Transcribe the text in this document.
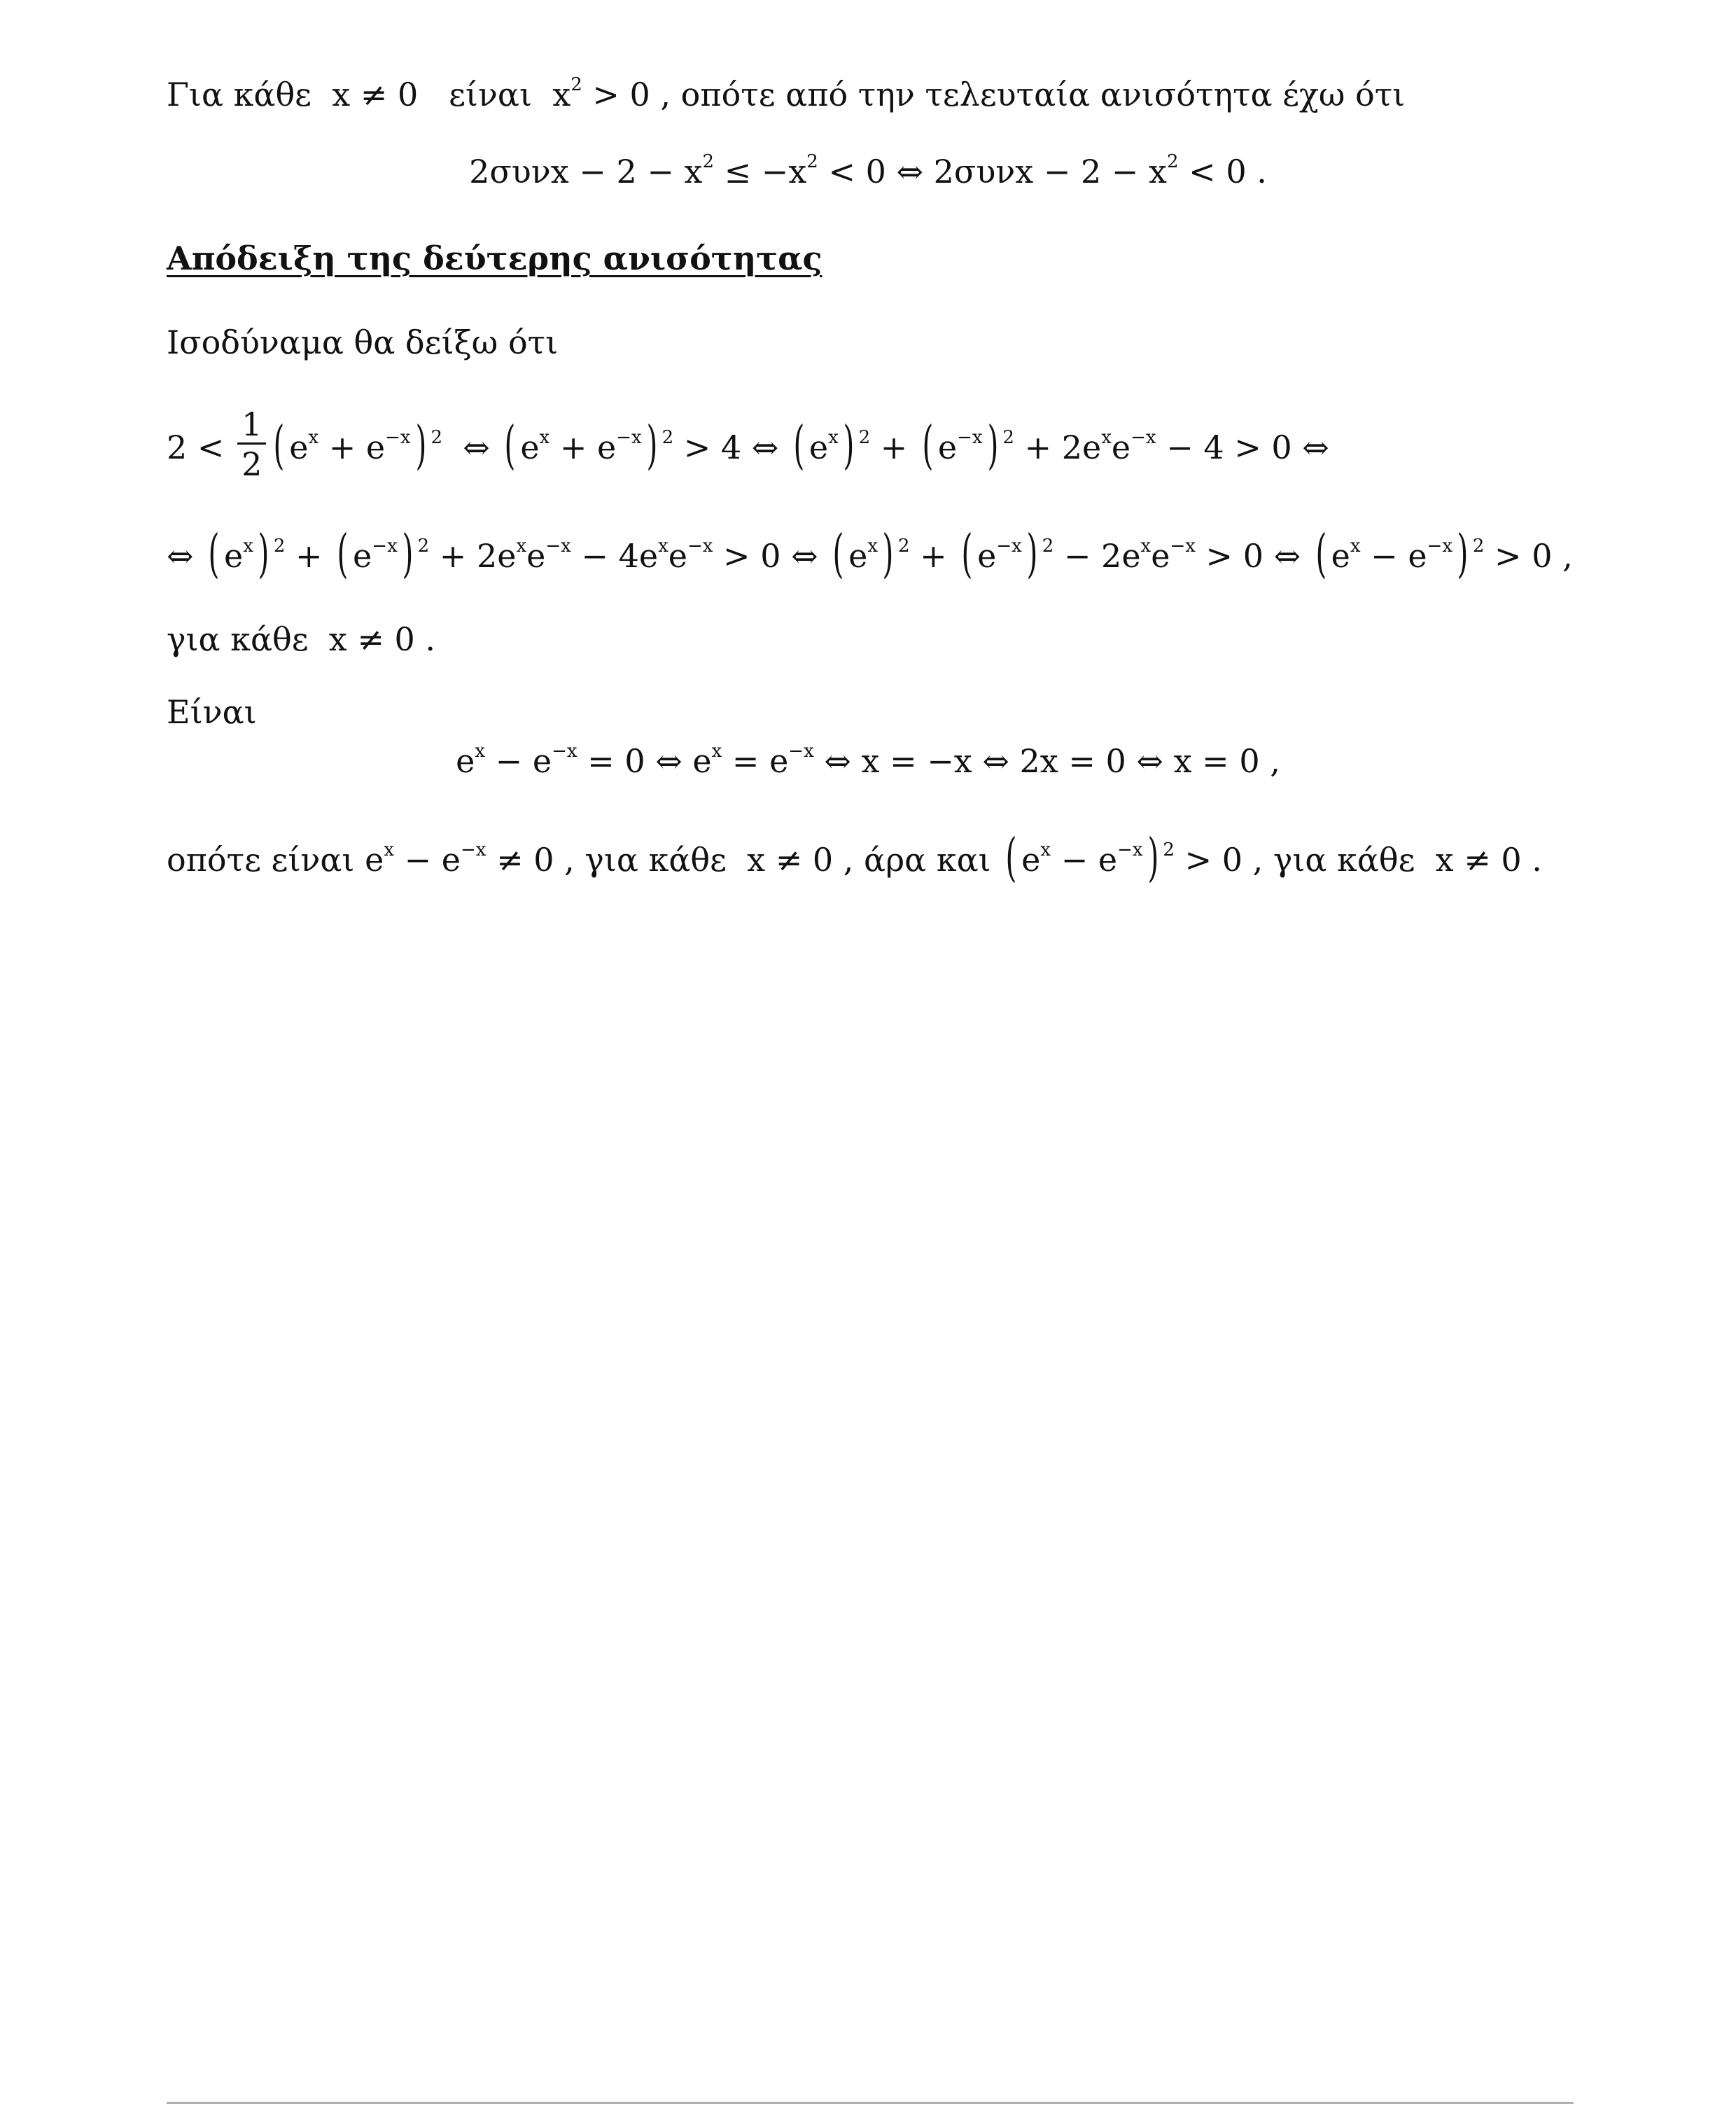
Για κάθε  x ≠ 0   είναι  $x^2 > 0$ , οπότε από την τελευταία ανισότητα έχω ότι
$2\sigma\upsilon\nu x - 2 - x^2 \le -x^2 < 0$ ⇔ $2\sigma\upsilon\nu x - 2 - x^2 < 0$ .
Απόδειξη της δεύτερης ανισότητας
Ισοδύναμα θα δείξω ότι
$2 < \frac{1}{2}$ ( $e^x + e^{-x}$) $^2$  ⇔ ( $e^x + e^{-x}$) $^2$ > 4 ⇔ ( $e^x$) $^2$ + ( $e^{-x}$) $^2 + 2e^xe^{-x} - 4 > 0$ ⇔
⇔ ( $e^x$) $^2$ + ( $e^{-x}$) $^2 + 2e^xe^{-x} - 4e^xe^{-x} > 0$ ⇔ ( $e^x$) $^2$ + ( $e^{-x}$) $^2 - 2e^xe^{-x} > 0$ ⇔ ( $e^x - e^{-x}$) $^2$ > 0 ,
για κάθε  x ≠ 0 .
Είναι
$e^x - e^{-x} = 0$ ⇔ $e^x = e^{-x}$ ⇔ x = −x ⇔ 2x = 0 ⇔ x = 0 ,
οπότε είναι $e^x - e^{-x} \ne 0$ , για κάθε  x ≠ 0 , άρα και ( $e^x - e^{-x}$) $^2$ > 0 , για κάθε  x ≠ 0 .
